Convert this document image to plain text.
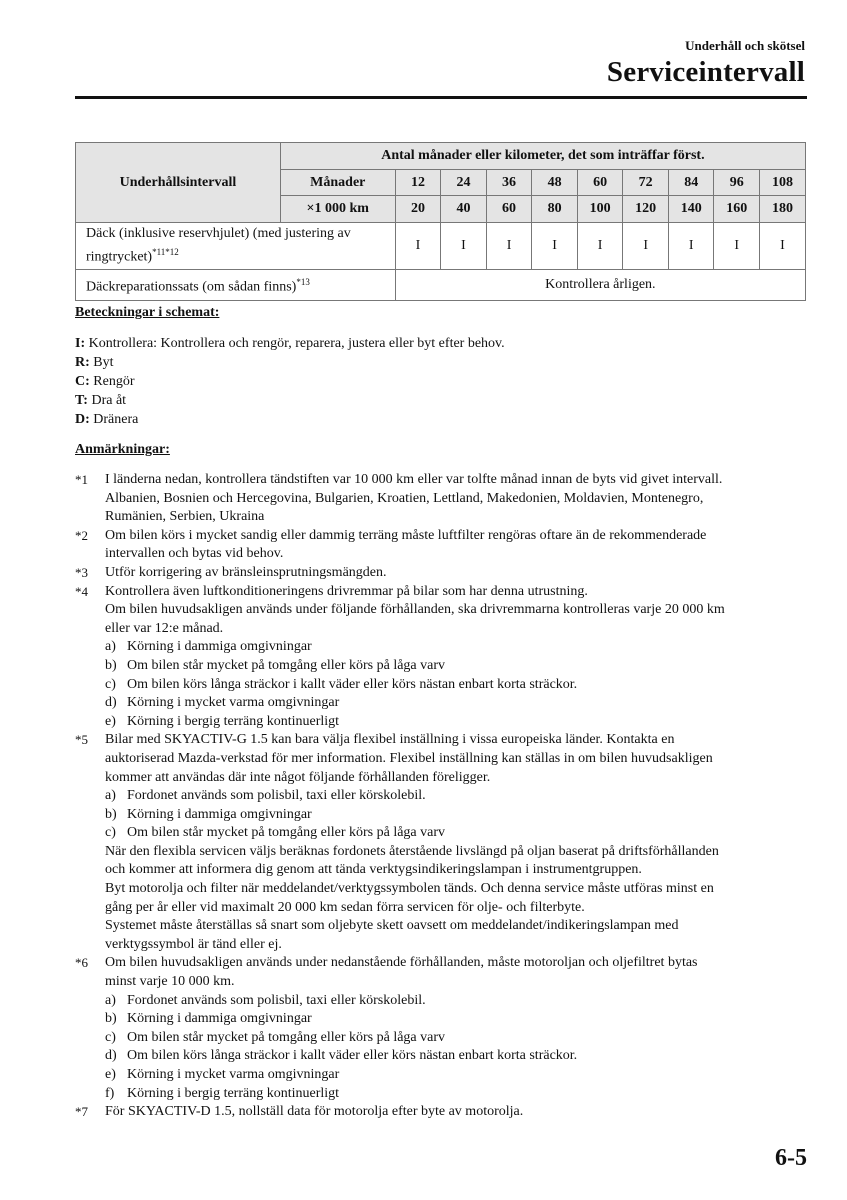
Underhåll och skötsel
Serviceintervall
Underhållsintervall	Antal månader eller kilometer, det som inträffar först.									
	Månader	12	24	36	48	60	72	84	96	108
	×1 000 km	20	40	60	80	100	120	140	160	180
Däck (inklusive reservhjulet) (med justering av ringtrycket)$^{*11*12}$		I	I	I	I	I	I	I	I	I
Däckreparationssats (om sådan finns)$^{*13}$		Kontrollera årligen.								
Beteckningar i schemat:
I: Kontrollera: Kontrollera och rengör, reparera, justera eller byt efter behov.
R: Byt
C: Rengör
T: Dra åt
D: Dränera
Anmärkningar:
*1 I länderna nedan, kontrollera tändstiften var 10 000 km eller var tolfte månad innan de byts vid givet intervall.
Albanien, Bosnien och Hercegovina, Bulgarien, Kroatien, Lettland, Makedonien, Moldavien, Montenegro,
Rumänien, Serbien, Ukraina
*2 Om bilen körs i mycket sandig eller dammig terräng måste luftfilter rengöras oftare än de rekommenderade
intervallen och bytas vid behov.
*3 Utför korrigering av bränsleinsprutningsmängden.
*4 Kontrollera även luftkonditioneringens drivremmar på bilar som har denna utrustning.
Om bilen huvudsakligen används under följande förhållanden, ska drivremmarna kontrolleras varje 20 000 km
eller var 12:e månad.
a) Körning i dammiga omgivningar
b) Om bilen står mycket på tomgång eller körs på låga varv
c) Om bilen körs långa sträckor i kallt väder eller körs nästan enbart korta sträckor.
d) Körning i mycket varma omgivningar
e) Körning i bergig terräng kontinuerligt
*5 Bilar med SKYACTIV-G 1.5 kan bara välja flexibel inställning i vissa europeiska länder. Kontakta en
auktoriserad Mazda-verkstad för mer information. Flexibel inställning kan ställas in om bilen huvudsakligen
kommer att användas där inte något följande förhållanden föreligger.
a) Fordonet används som polisbil, taxi eller körskolebil.
b) Körning i dammiga omgivningar
c) Om bilen står mycket på tomgång eller körs på låga varv
När den flexibla servicen väljs beräknas fordonets återstående livslängd på oljan baserat på driftsförhållanden
och kommer att informera dig genom att tända verktygsindikeringslampan i instrumentgruppen.
Byt motorolja och filter när meddelandet/verktygssymbolen tänds. Och denna service måste utföras minst en
gång per år eller vid maximalt 20 000 km sedan förra servicen för olje- och filterbyte.
Systemet måste återställas så snart som oljebyte skett oavsett om meddelandet/indikeringslampan med
verktygssymbol är tänd eller ej.
*6 Om bilen huvudsakligen används under nedanstående förhållanden, måste motoroljan och oljefiltret bytas
minst varje 10 000 km.
a) Fordonet används som polisbil, taxi eller körskolebil.
b) Körning i dammiga omgivningar
c) Om bilen står mycket på tomgång eller körs på låga varv
d) Om bilen körs långa sträckor i kallt väder eller körs nästan enbart korta sträckor.
e) Körning i mycket varma omgivningar
f) Körning i bergig terräng kontinuerligt
*7 För SKYACTIV-D 1.5, nollställ data för motorolja efter byte av motorolja.
6-5
